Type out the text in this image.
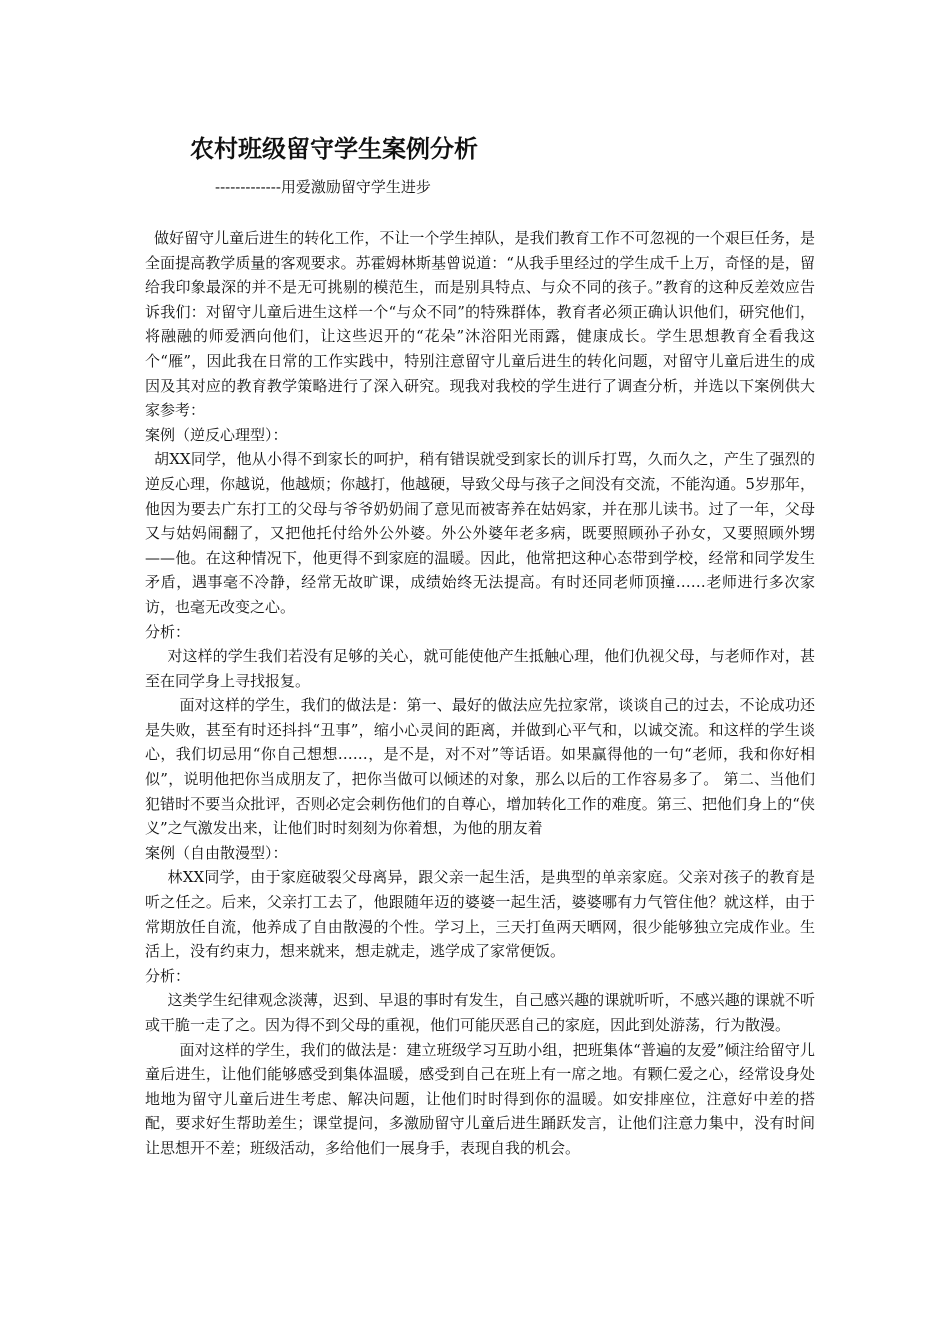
农村班级留守学生案例分析

-------------用爱激励留守学生进步

做好留守儿童后进生的转化工作，不让一个学生掉队，是我们教育工作不可忽视的一个艰巨任务，是全面提高教学质量的客观要求。苏霍姆林斯基曾说道：“从我手里经过的学生成千上万，奇怪的是，留给我印象最深的并不是无可挑剔的模范生，而是别具特点、与众不同的孩子。”教育的这种反差效应告诉我们：对留守儿童后进生这样一个“与众不同”的特殊群体，教育者必须正确认识他们，研究他们，将融融的师爱洒向他们，让这些迟开的“花朵”沐浴阳光雨露，健康成长。学生思想教育全看我这个“雁”，因此我在日常的工作实践中，特别注意留守儿童后进生的转化问题，对留守儿童后进生的成因及其对应的教育教学策略进行了深入研究。现我对我校的学生进行了调查分析，并选以下案例供大家参考：

案例（逆反心理型）：

胡XX同学，他从小得不到家长的呵护，稍有错误就受到家长的训斥打骂，久而久之，产生了强烈的逆反心理，你越说，他越烦；你越打，他越硬，导致父母与孩子之间没有交流，不能沟通。5岁那年，他因为要去广东打工的父母与爷爷奶奶闹了意见而被寄养在姑妈家，并在那儿读书。过了一年，父母又与姑妈闹翻了，又把他托付给外公外婆。外公外婆年老多病，既要照顾孙子孙女，又要照顾外甥——他。在这种情况下，他更得不到家庭的温暖。因此，他常把这种心态带到学校，经常和同学发生矛盾，遇事毫不冷静，经常无故旷课，成绩始终无法提高。有时还同老师顶撞……老师进行多次家访，也毫无改变之心。

分析：

对这样的学生我们若没有足够的关心，就可能使他产生抵触心理，他们仇视父母，与老师作对，甚至在同学身上寻找报复。

面对这样的学生，我们的做法是：第一、最好的做法应先拉家常，谈谈自己的过去，不论成功还是失败，甚至有时还抖抖“丑事”，缩小心灵间的距离，并做到心平气和，以诚交流。和这样的学生谈心，我们切忌用“你自己想想……，是不是，对不对”等话语。如果赢得他的一句“老师，我和你好相似”，说明他把你当成朋友了，把你当做可以倾述的对象，那么以后的工作容易多了。 第二、当他们犯错时不要当众批评，否则必定会刺伤他们的自尊心，增加转化工作的难度。第三、把他们身上的“侠义”之气激发出来，让他们时时刻刻为你着想，为他的朋友着

案例（自由散漫型）：

林XX同学，由于家庭破裂父母离异，跟父亲一起生活，是典型的单亲家庭。父亲对孩子的教育是听之任之。后来，父亲打工去了，他跟随年迈的婆婆一起生活，婆婆哪有力气管住他？就这样，由于常期放任自流，他养成了自由散漫的个性。学习上，三天打鱼两天晒网，很少能够独立完成作业。生活上，没有约束力，想来就来，想走就走，逃学成了家常便饭。

分析：

这类学生纪律观念淡薄，迟到、早退的事时有发生，自己感兴趣的课就听听，不感兴趣的课就不听或干脆一走了之。因为得不到父母的重视，他们可能厌恶自己的家庭，因此到处游荡，行为散漫。

面对这样的学生，我们的做法是：建立班级学习互助小组，把班集体“普遍的友爱”倾注给留守儿童后进生，让他们能够感受到集体温暖，感受到自己在班上有一席之地。有颗仁爱之心，经常设身处地地为留守儿童后进生考虑、解决问题，让他们时时得到你的温暖。如安排座位，注意好中差的搭配，要求好生帮助差生；课堂提问，多激励留守儿童后进生踊跃发言，让他们注意力集中，没有时间让思想开不差；班级活动，多给他们一展身手，表现自我的机会。
